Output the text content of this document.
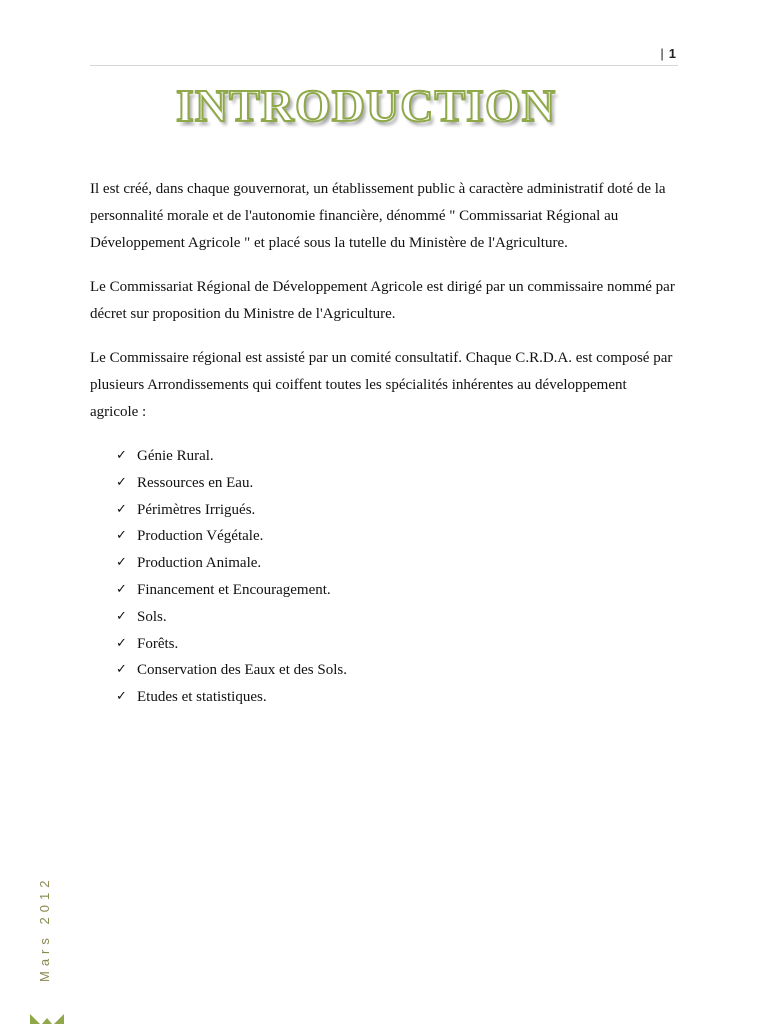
| 1
INTRODUCTION

Il est créé, dans chaque gouvernorat, un établissement public à caractère administratif doté de la personnalité morale et de l'autonomie financière, dénommé " Commissariat Régional au Développement Agricole " et placé sous la tutelle du Ministère de l'Agriculture.

Le Commissariat Régional de Développement Agricole est dirigé par un commissaire nommé par décret sur proposition du Ministre de l'Agriculture.

Le Commissaire régional est assisté par un comité consultatif. Chaque C.R.D.A. est composé par plusieurs Arrondissements qui coiffent toutes les spécialités inhérentes au développement agricole :

✓ Génie Rural.
✓ Ressources en Eau.
✓ Périmètres Irrigués.
✓ Production Végétale.
✓ Production Animale.
✓ Financement et Encouragement.
✓ Sols.
✓ Forêts.
✓ Conservation des Eaux et des Sols.
✓ Etudes et statistiques.
Mars 2012
